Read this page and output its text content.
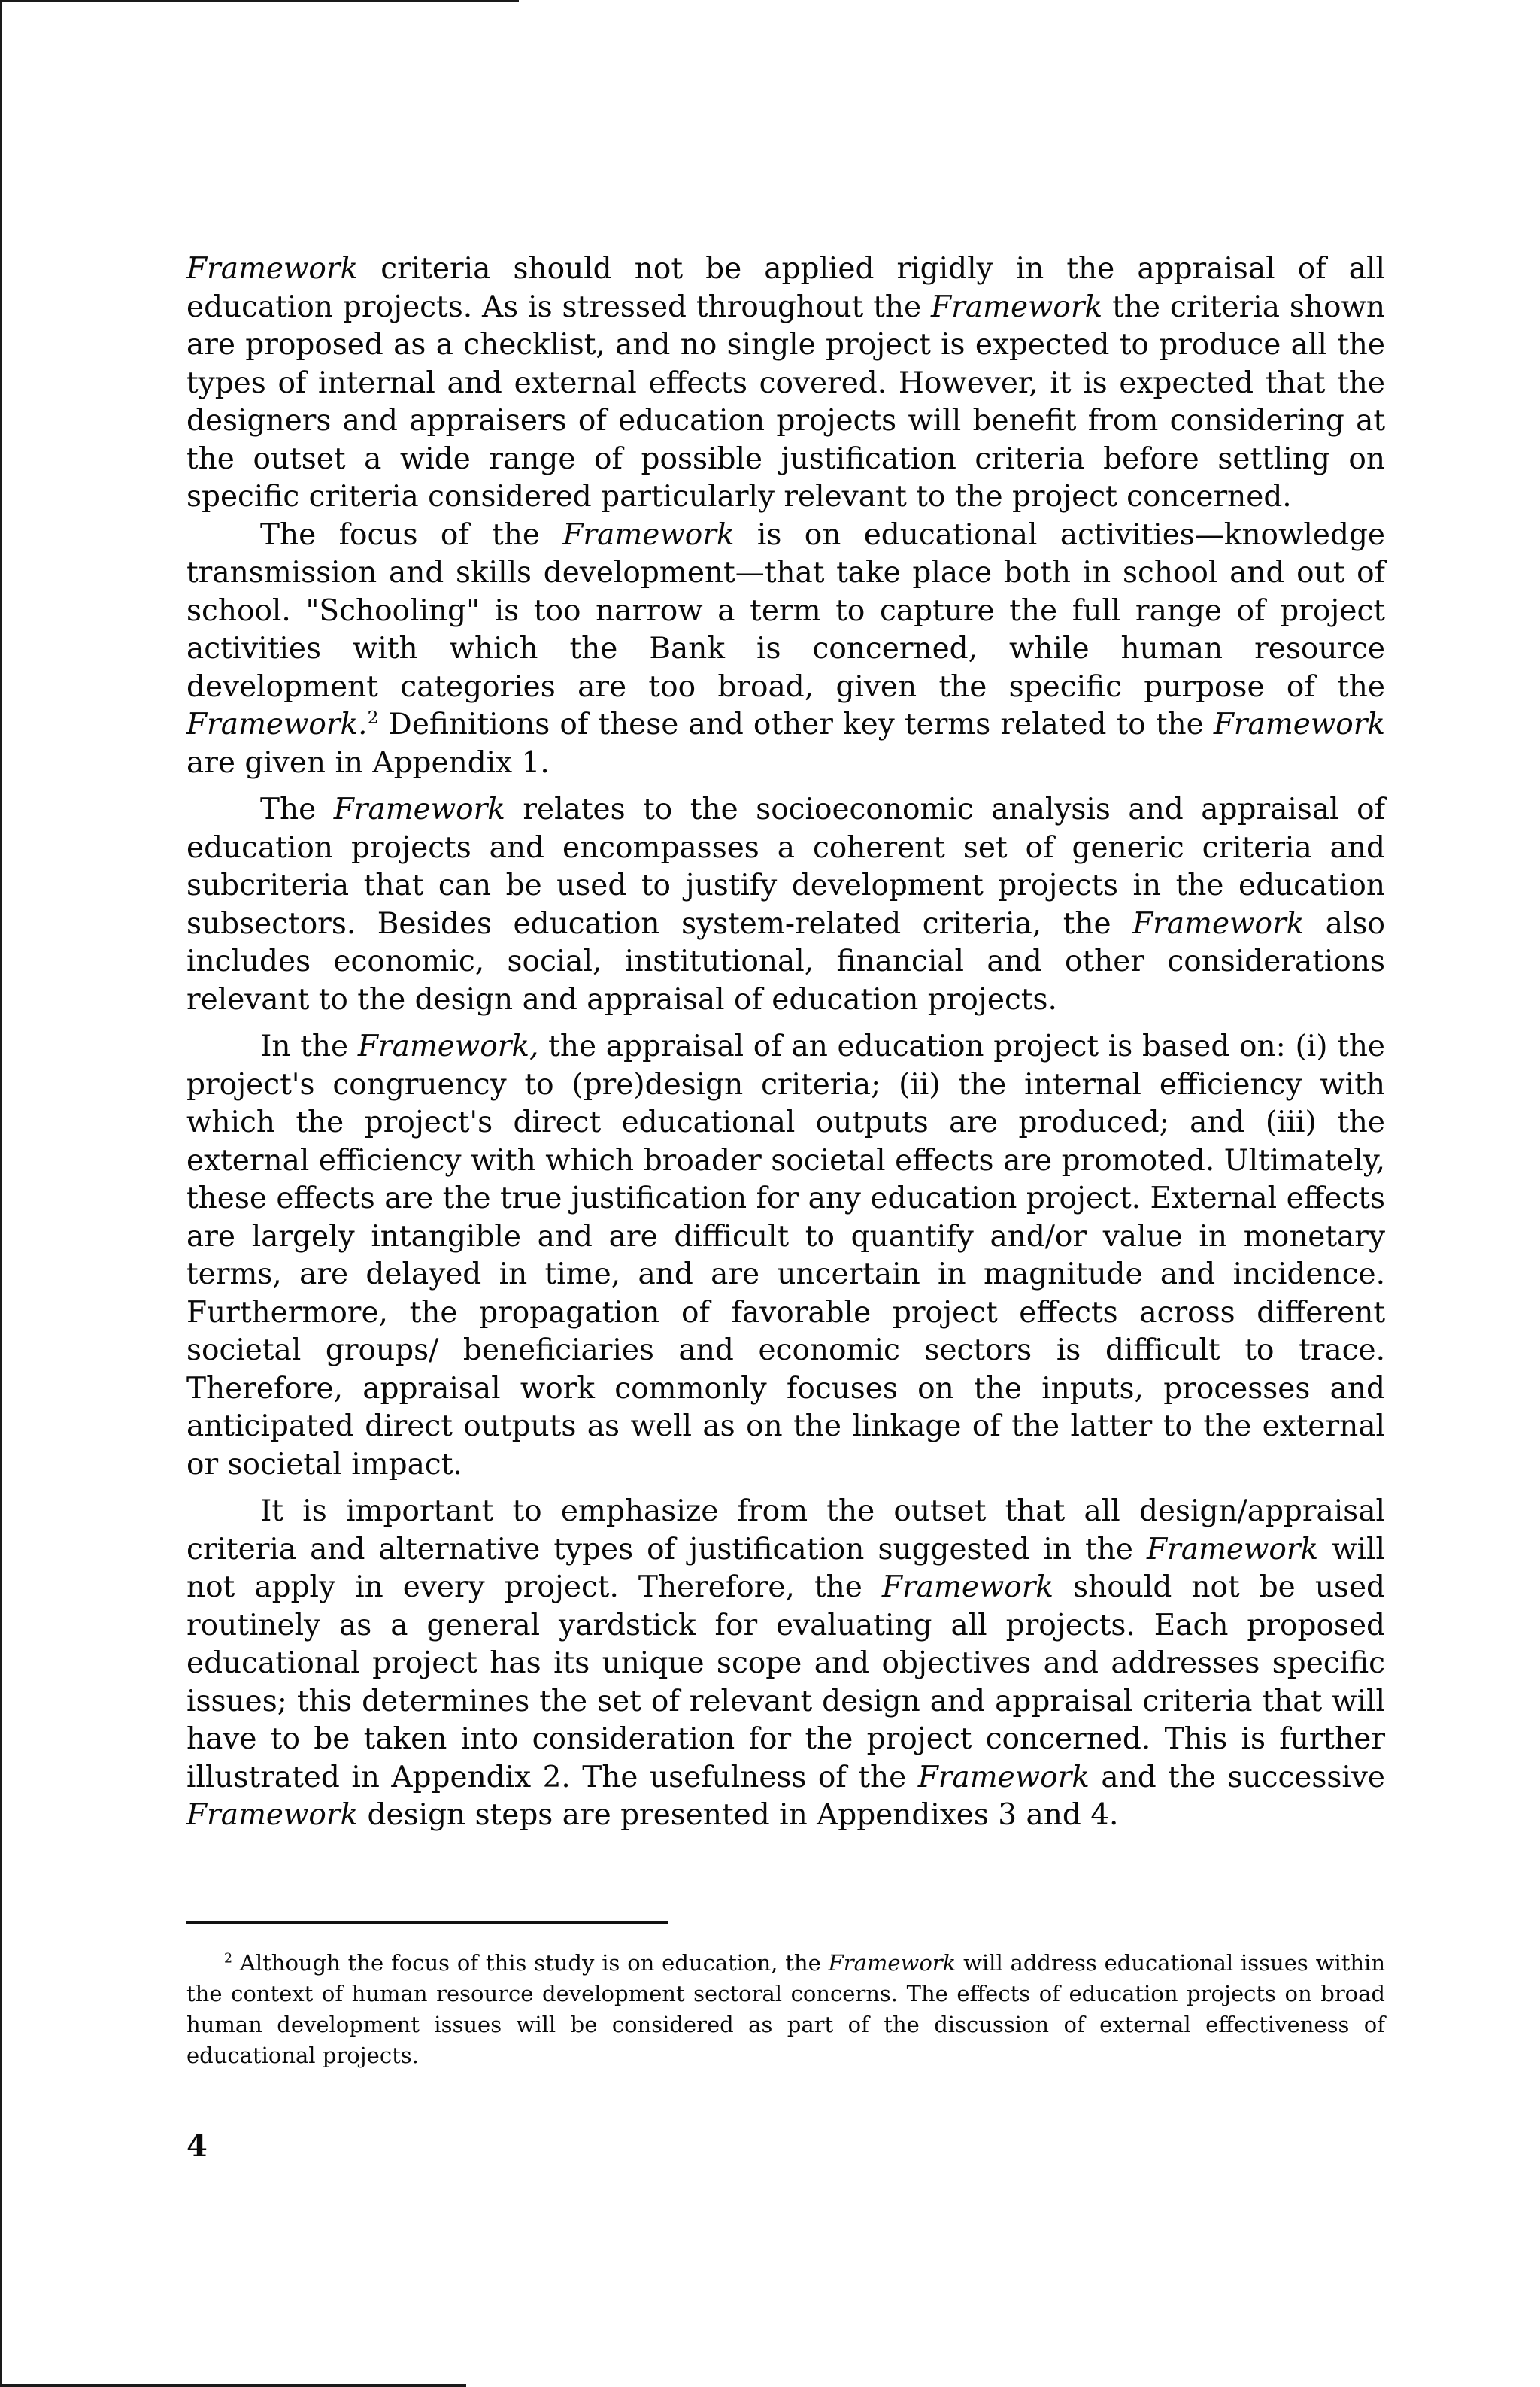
Framework criteria should not be applied rigidly in the appraisal of all education projects. As is stressed throughout the Framework the criteria shown are proposed as a checklist, and no single project is expected to produce all the types of internal and external effects covered. However, it is expected that the designers and appraisers of education projects will benefit from considering at the outset a wide range of possible justification criteria before settling on specific criteria considered particularly relevant to the project concerned.

The focus of the Framework is on educational activities—knowledge transmission and skills development—that take place both in school and out of school. "Schooling" is too narrow a term to capture the full range of project activities with which the Bank is concerned, while human resource development categories are too broad, given the specific purpose of the Framework.$^2$ Definitions of these and other key terms related to the Framework are given in Appendix 1.

The Framework relates to the socioeconomic analysis and appraisal of education projects and encompasses a coherent set of generic criteria and subcriteria that can be used to justify development projects in the education subsectors. Besides education system-related criteria, the Framework also includes economic, social, institutional, financial and other considerations relevant to the design and appraisal of education projects.

In the Framework, the appraisal of an education project is based on: (i) the project's congruency to (pre)design criteria; (ii) the internal efficiency with which the project's direct educational outputs are produced; and (iii) the external efficiency with which broader societal effects are promoted. Ultimately, these effects are the true justification for any education project. External effects are largely intangible and are difficult to quantify and/or value in monetary terms, are delayed in time, and are uncertain in magnitude and incidence. Furthermore, the propagation of favorable project effects across different societal groups/ beneficiaries and economic sectors is difficult to trace. Therefore, appraisal work commonly focuses on the inputs, processes and anticipated direct outputs as well as on the linkage of the latter to the external or societal impact.

It is important to emphasize from the outset that all design/appraisal criteria and alternative types of justification suggested in the Framework will not apply in every project. Therefore, the Framework should not be used routinely as a general yardstick for evaluating all projects. Each proposed educational project has its unique scope and objectives and addresses specific issues; this determines the set of relevant design and appraisal criteria that will have to be taken into consideration for the project concerned. This is further illustrated in Appendix 2. The usefulness of the Framework and the successive Framework design steps are presented in Appendixes 3 and 4.

$^2$ Although the focus of this study is on education, the Framework will address educational issues within the context of human resource development sectoral concerns. The effects of education projects on broad human development issues will be considered as part of the discussion of external effectiveness of educational projects.

4
